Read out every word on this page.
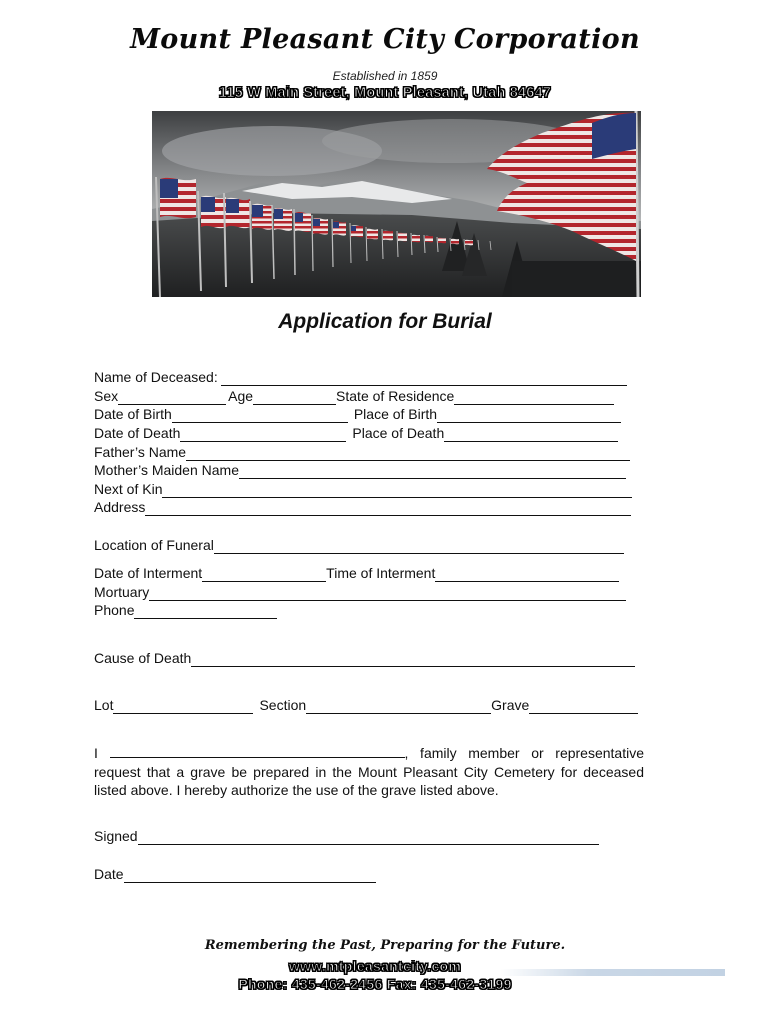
Mount Pleasant City Corporation
Established in 1859
115 W Main Street, Mount Pleasant, Utah 84647
Application for Burial
Name of Deceased:
Sex	Age	State of Residence
Date of Birth	Place of Birth
Date of Death	Place of Death
Father’s Name
Mother’s Maiden Name
Next of Kin
Address
Location of Funeral
Date of Interment	Time of Interment
Mortuary
Phone
Cause of Death
Lot	Section	Grave
I	, family member or representative request that a grave be prepared in the Mount Pleasant City Cemetery for deceased listed above. I hereby authorize the use of the grave listed above.
Signed
Date
Remembering the Past, Preparing for the Future.
www.mtpleasantcity.com
Phone: 435-462-2456 Fax: 435-462-3199
